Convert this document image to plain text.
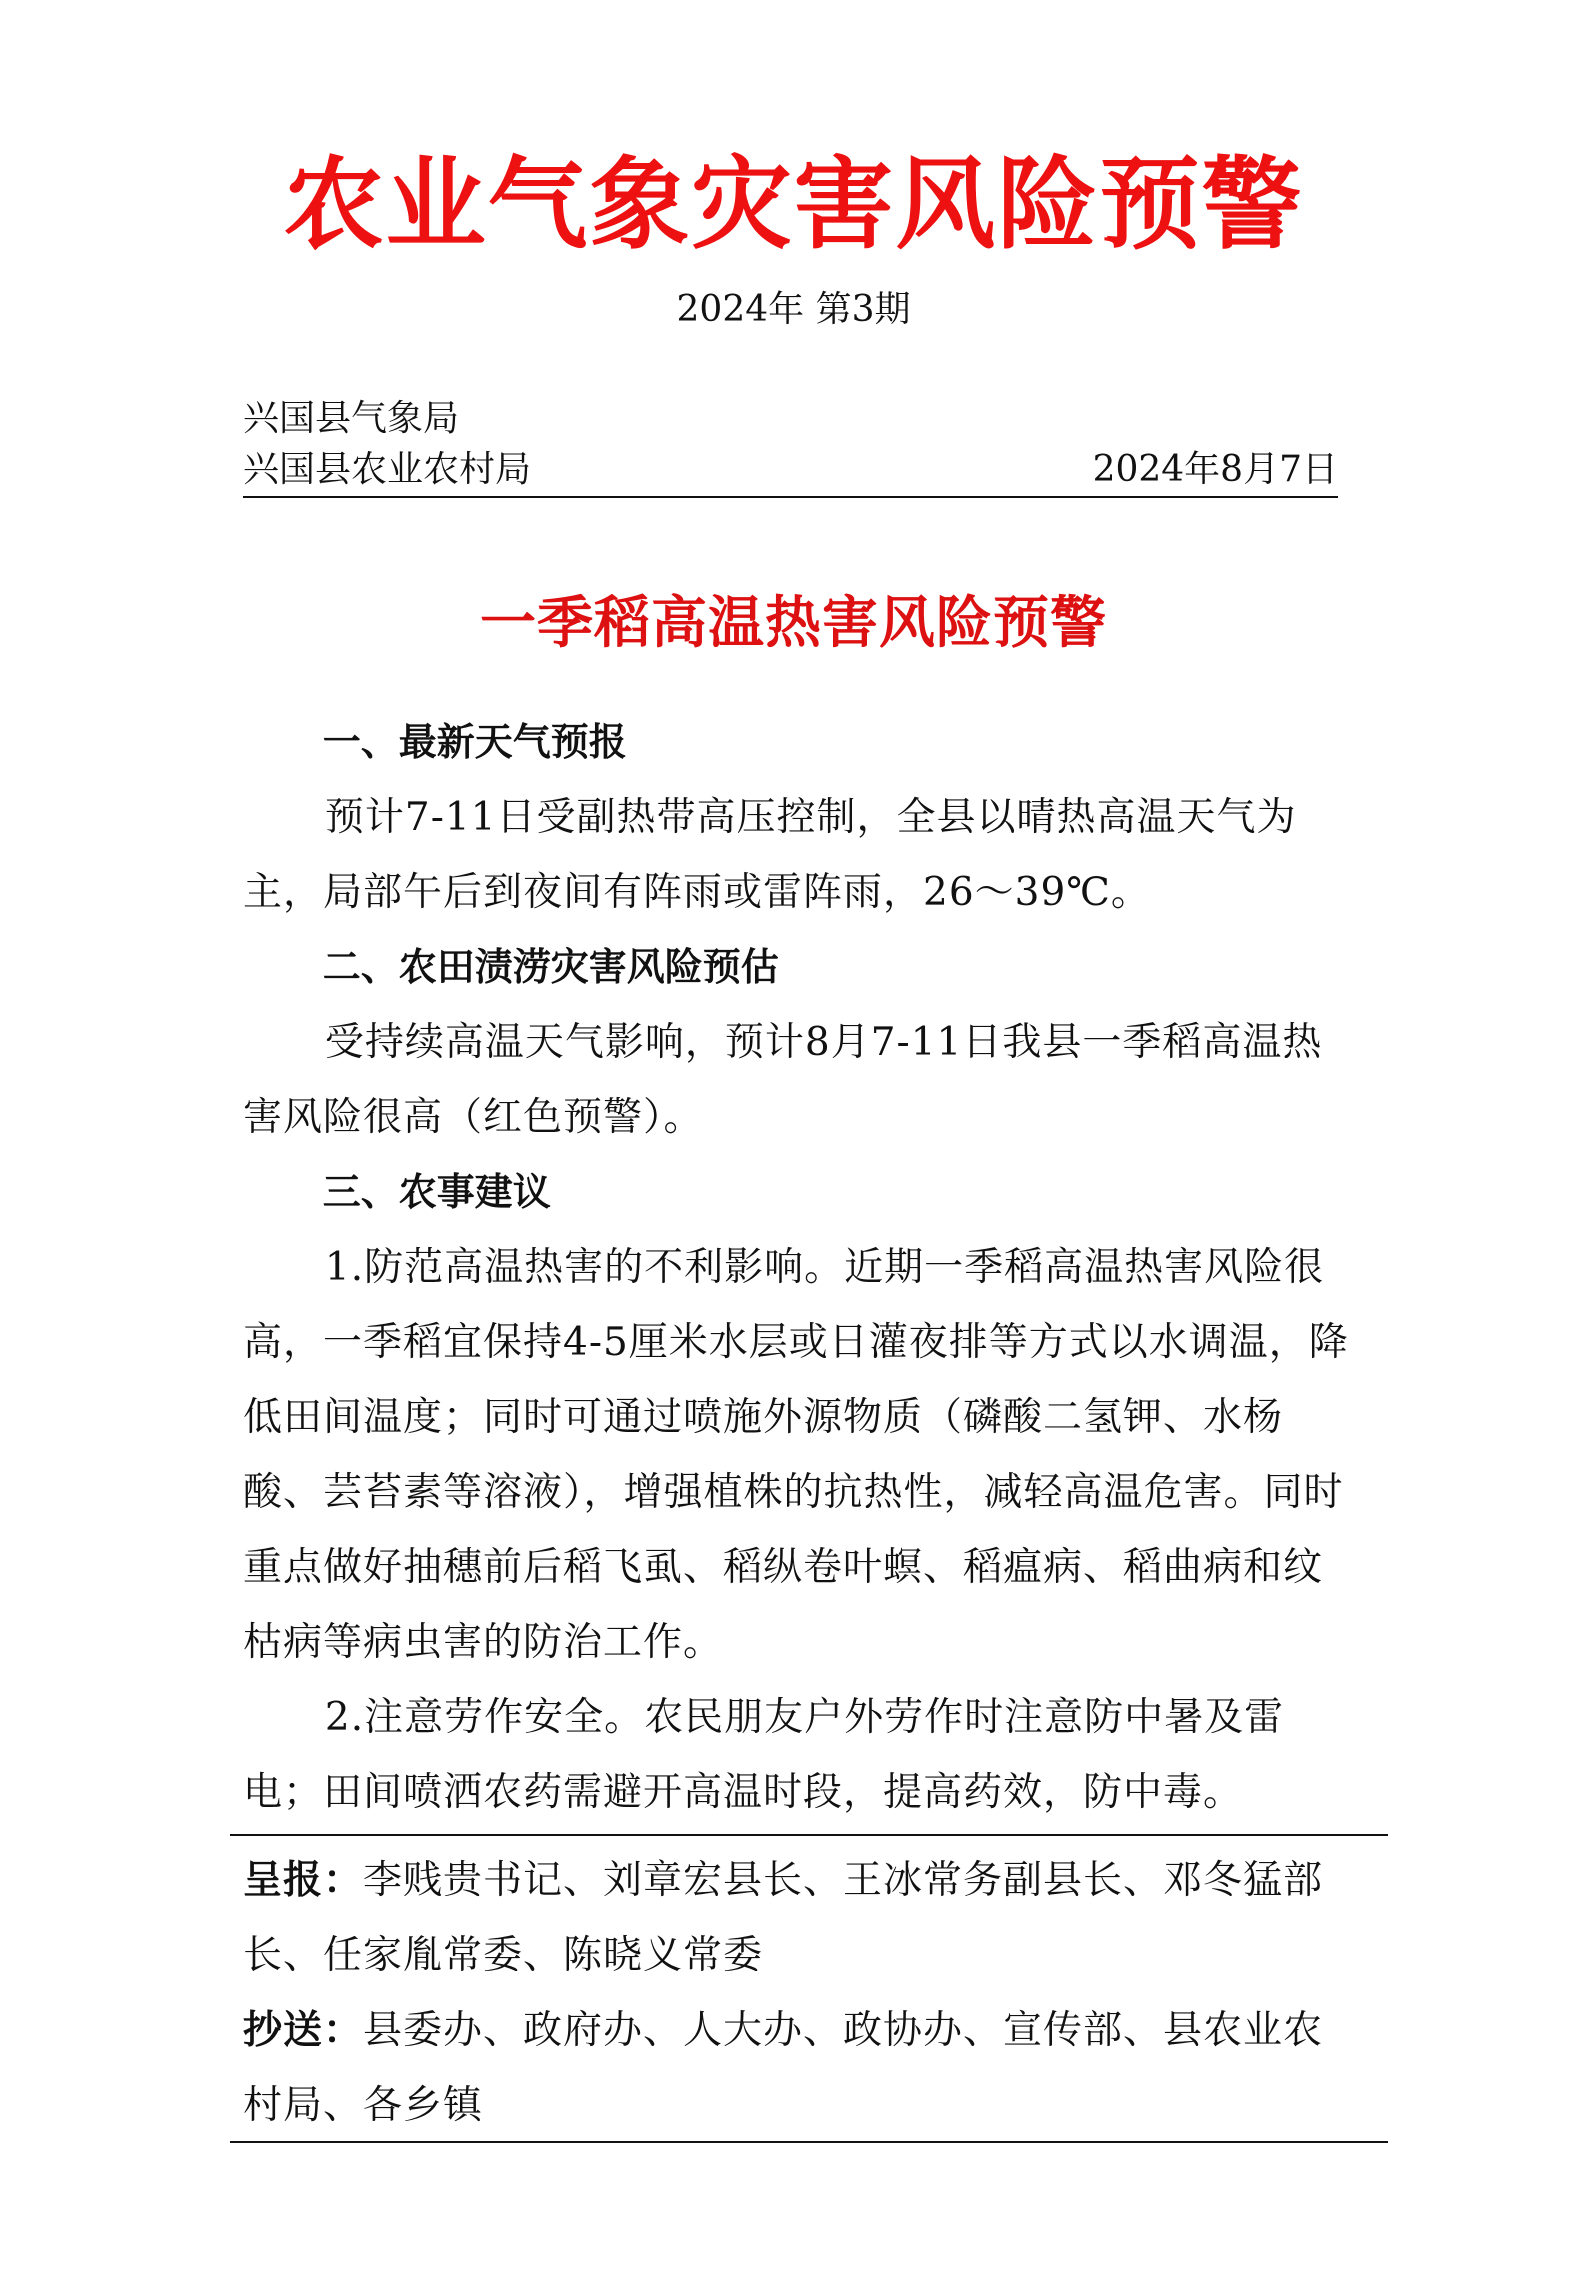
农业气象灾害风险预警
2024年 第3期
兴国县气象局
兴国县农业农村局	2024年8月7日
一季稻高温热害风险预警

一、最新天气预报

预计7-11日受副热带高压控制，全县以晴热高温天气为主，局部午后到夜间有阵雨或雷阵雨，26～39℃。

二、农田渍涝灾害风险预估

受持续高温天气影响，预计8月7-11日我县一季稻高温热害风险很高（红色预警）。

三、农事建议

1.防范高温热害的不利影响。近期一季稻高温热害风险很高，一季稻宜保持4-5厘米水层或日灌夜排等方式以水调温，降低田间温度；同时可通过喷施外源物质（磷酸二氢钾、水杨酸、芸苔素等溶液），增强植株的抗热性，减轻高温危害。同时重点做好抽穗前后稻飞虱、稻纵卷叶螟、稻瘟病、稻曲病和纹枯病等病虫害的防治工作。

2.注意劳作安全。农民朋友户外劳作时注意防中暑及雷电；田间喷洒农药需避开高温时段，提高药效，防中毒。

呈报：李贱贵书记、刘章宏县长、王冰常务副县长、邓冬猛部长、任家胤常委、陈晓义常委

抄送：县委办、政府办、人大办、政协办、宣传部、县农业农村局、各乡镇
